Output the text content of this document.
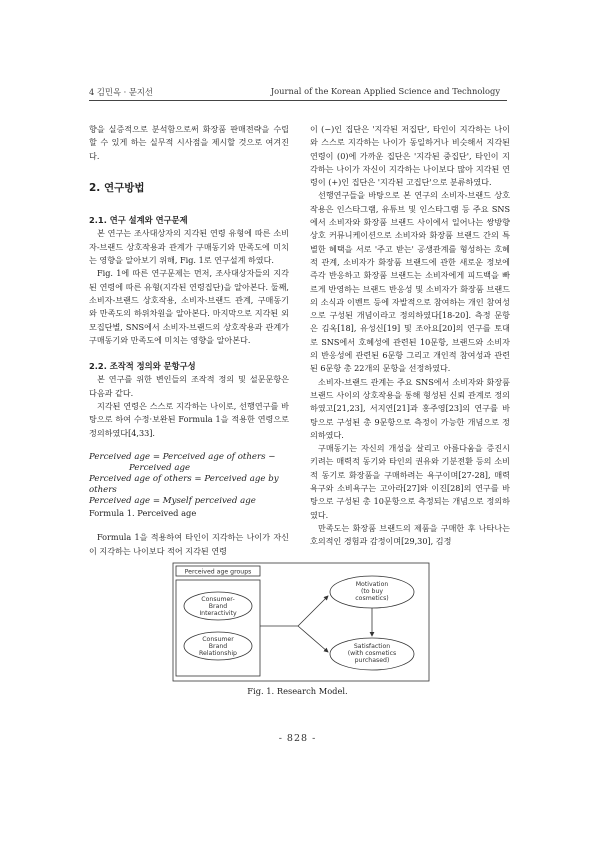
4 김민옥 · 문지선	Journal of the Korean Applied Science and Technology

향을 실증적으로 분석함으로써 화장품 판매전략을 수립할 수 있게 하는 실무적 시사점을 제시할 것으로 여겨진다.

2. 연구방법

2.1. 연구 설계와 연구문제

본 연구는 조사대상자의 지각된 연령 유형에 따른 소비자-브랜드 상호작용과 관계가 구매동기와 만족도에 미치는 영향을 알아보기 위해, Fig. 1로 연구설계 하였다.

Fig. 1에 따른 연구문제는 먼저, 조사대상자들의 지각된 연령에 따른 유형(지각된 연령집단)을 알아본다. 둘째, 소비자-브랜드 상호작용, 소비자-브랜드 관계, 구매동기와 만족도의 하위차원을 알아본다. 마지막으로 지각된 외모집단별, SNS에서 소비자-브랜드의 상호작용과 관계가 구매동기와 만족도에 미치는 영향을 알아본다.

2.2. 조작적 정의와 문항구성

본 연구를 위한 변인들의 조작적 정의 및 설문문항은 다음과 같다.

지각된 연령은 스스로 지각하는 나이로, 선행연구를 바탕으로 하여 수정·보완된 Formula 1을 적용한 연령으로 정의하였다[4,33].

Perceived age = Perceived age of others −
Perceived age
Perceived age of others = Perceived age by others
Perceived age = Myself perceived age

Formula 1. Perceived age

Formula 1을 적용하여 타인이 지각하는 나이가 자신이 지각하는 나이보다 적어 지각된 연령

이 (−)인 집단은 '지각된 저집단', 타인이 지각하는 나이와 스스로 지각하는 나이가 동일하거나 비슷해서 지각된 연령이 (0)에 가까운 집단은 '지각된 중집단', 타인이 지각하는 나이가 자신이 지각하는 나이보다 많아 지각된 연령이 (+)인 집단은 '지각된 고집단'으로 분류하였다.

선행연구들을 바탕으로 본 연구의 소비자-브랜드 상호작용은 인스타그램, 유튜브 및 인스타그램 등 주요 SNS에서 소비자와 화장품 브랜드 사이에서 일어나는 쌍방향 상호 커뮤니케이션으로 소비자와 화장품 브랜드 간의 특별한 혜택을 서로 '주고 받는' 공생관계를 형성하는 호혜적 관계, 소비자가 화장품 브랜드에 관한 새로운 정보에 즉각 반응하고 화장품 브랜드는 소비자에게 피드백을 빠르게 반영하는 브랜드 반응성 및 소비자가 화장품 브랜드의 소식과 이벤트 등에 자발적으로 참여하는 개인 참여성으로 구성된 개념이라고 정의하였다[18-20]. 측정 문항은 김옥[18], 유성신[19] 및 조아요[20]의 연구를 토대로 SNS에서 호혜성에 관련된 10문항, 브랜드와 소비자의 반응성에 관련된 6문항 그리고 개인적 참여성과 관련된 6문항 총 22개의 문항을 선정하였다.

소비자-브랜드 관계는 주요 SNS에서 소비자와 화장품 브랜드 사이의 상호작용을 통해 형성된 신뢰 관계로 정의하였고[21,23], 서지연[21]과 홍주영[23]의 연구를 바탕으로 구성된 총 9문항으로 측정이 가능한 개념으로 정의하였다.

구매동기는 자신의 개성을 살리고 아름다움을 증진시키려는 매력적 동기와 타인의 권유와 기분전환 등의 소비적 동기로 화장품을 구매하려는 욕구이며[27-28], 매력욕구와 소비욕구는 고아라[27]와 이진[28]의 연구를 바탕으로 구성된 총 10문항으로 측정되는 개념으로 정의하였다.

만족도는 화장품 브랜드의 제품을 구매한 후 나타나는 호의적인 경험과 감정이며[29,30], 김정

Perceived age groups
Consumer-
Brand
Interactivity
Consumer
Brand
Relationship
Motivation
(to buy
cosmetics)
Satisfaction
(with cosmetics
purchased)
Fig. 1. Research Model.
- 828 -
